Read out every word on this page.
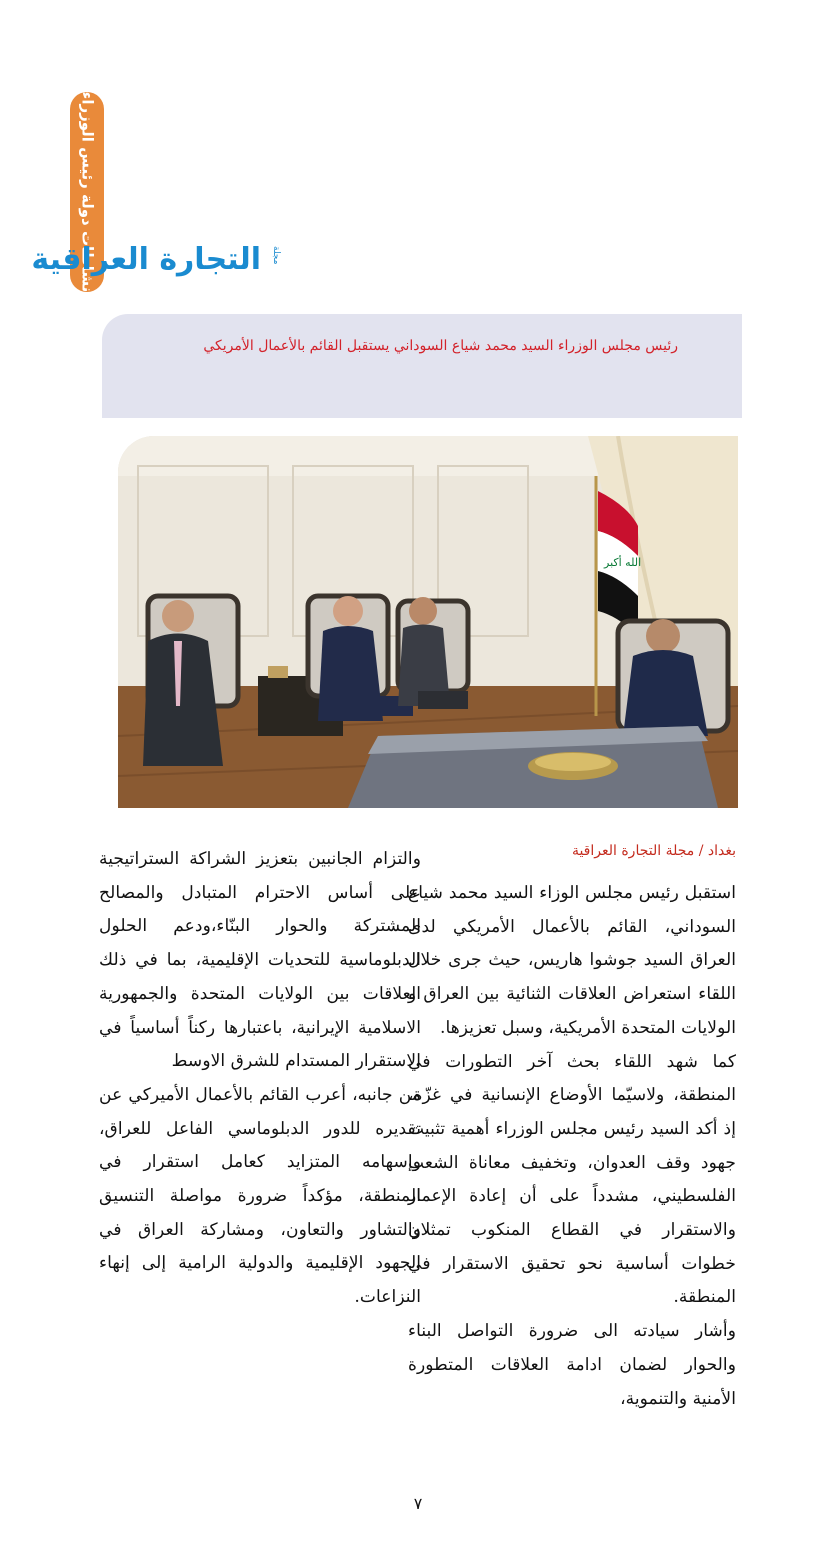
نشاطات دولة رئيس الوزراء
التجارة العراقية مجلة
رئيس مجلس الوزراء السيد محمد شياع السوداني يستقبل القائم بالأعمال الأمريكي
الله أكبر
بغداد / مجلة التجارة العراقية

استقبل رئيس مجلس الوزاء السيد محمد شياع السوداني، القائم بالأعمال الأمريكي لدى العراق السيد جوشوا هاريس، حيث جرى خلال اللقاء استعراض العلاقات الثنائية بين العراق و الولايات المتحدة الأمريكية، وسبل تعزيزها.

كما شهد اللقاء بحث آخر التطورات في المنطقة، ولاسيّما الأوضاع الإنسانية في غزّة، إذ أكد السيد رئيس مجلس الوزراء أهمية تثبيت جهود وقف العدوان، وتخفيف معاناة الشعب الفلسطيني، مشدداً على أن إعادة الإعمار والاستقرار في القطاع المنكوب تمثلان خطوات أساسية نحو تحقيق الاستقرار في المنطقة.

وأشار سيادته الى ضرورة التواصل البناء والحوار لضمان ادامة العلاقات المتطورة الأمنية والتنموية،

والتزام الجانبين بتعزيز الشراكة الستراتيجية على أساس الاحترام المتبادل والمصالح المشتركة والحوار البنّاء،ودعم الحلول الدبلوماسية للتحديات الإقليمية، بما في ذلك العلاقات بين الولايات المتحدة والجمهورية الاسلامية الإيرانية، باعتبارها ركناً أساسياً في الاستقرار المستدام للشرق الاوسط

من جانبه، أعرب القائم بالأعمال الأميركي عن تقديره للدور الدبلوماسي الفاعل للعراق، وإسهامه المتزايد كعامل استقرار في المنطقة، مؤكداً ضرورة مواصلة التنسيق والتشاور والتعاون، ومشاركة العراق في الجهود الإقليمية والدولية الرامية إلى إنهاء النزاعات.

٧
